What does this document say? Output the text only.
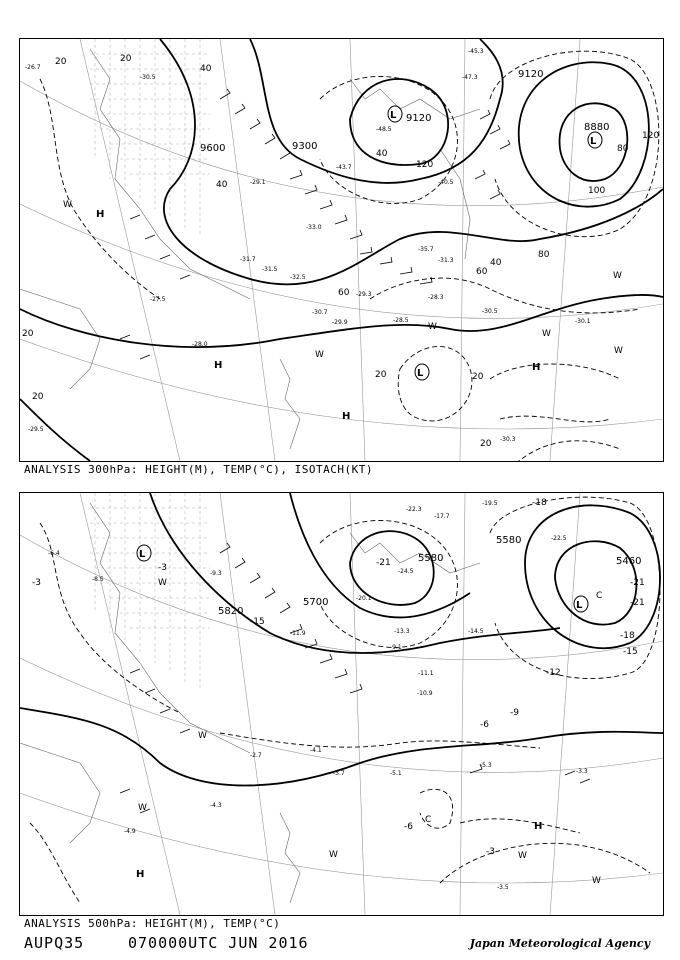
9600	9300
9120
9120
8880
20	20
40
40
40
40
60
60
80
80
100
120
120
20
20
20	20
20
-26.7
-30.5
-29.1
-31.7
-32.5
-30.7
-29.9	-28.5
-31.5
-33.0
-35.7
-40.5
-43.7
-45.3
-47.3
-48.5
-30.1
-30.5
-28.3
-30.3
-29.3
-31.3
-27.5
-28.0
-29.5
L
L
L
H
H
H
H
W
W
W
W
W
W
ANALYSIS 300hPa: HEIGHT(M), TEMP(°C), ISOTACH(KT)
5820
5700
5580
5580
5460
-21
-21
-18
-18
-15
-15
-12
-9
-6
-6
-3
-3
-3
-21
-6.4
-8.5
-9.3
-11.9	-13.3	-14.5
-17.7
-19.5
-20.1
-22.3
-24.5
-22.5
-5.1
-5.3
-3.3
-3.5
-3.7
-4.1
-4.9
-4.3
-2.7
-10.9
-9.1
-11.1
L
L
H
H
C
C
W
W
W
W	W
W
ANALYSIS 500hPa: HEIGHT(M), TEMP(°C)
AUPQ35	070000UTC JUN 2016	Japan Meteorological Agency
